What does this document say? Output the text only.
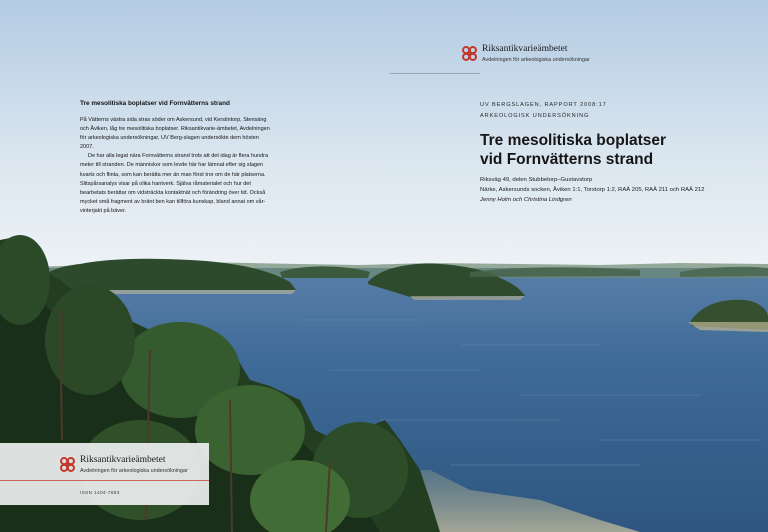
Riksantikvarieämbetet
Avdelningen för arkeologiska undersökningar
Tre mesolitiska boplatser vid Fornvätterns strand

På Vätterns västra sida strax söder om Askersund, vid Kerstintorp, Stensäng och Åviken, låg tre mesolitiska boplatser. Riksantikvarie-ämbetet, Avdelningen för arkeologiska undersökningar, UV Berg-slagen undersökte dem hösten 2007.

De har alla legat nära Fornvätterns strand trots att det idag är flera hundra meter till stranden. De människor som levde här har lämnat efter sig slagen kvarts och flinta, som kan berätta mer än man först tror om de här platserna. Slitspårsanalys visar på olika hantverk. Själva råmaterialet och hur det bearbetats berättar om vidsträckta kontaktnät och förändring över tid. Också mycket små fragment av bränt ben kan tillföra kunskap, bland annat om vår-vinterjakt på bäver.

UV BERGSLAGEN, RAPPORT 2008:17
ARKEOLOGISK UNDERSÖKNING
Tre mesolitiska boplatser
vid Fornvätterns strand
Riksväg 49, delen Stubbetorp–Gustavstorp
Närke, Askersunds socken, Åviken 1:1, Torstorp 1:2, RAÄ 205, RAÄ 211 och RAÄ 212
Jenny Holm och Christina Lindgren
Riksantikvarieämbetet
Avdelningen för arkeologiska undersökningar
ISSN 1404-7683
